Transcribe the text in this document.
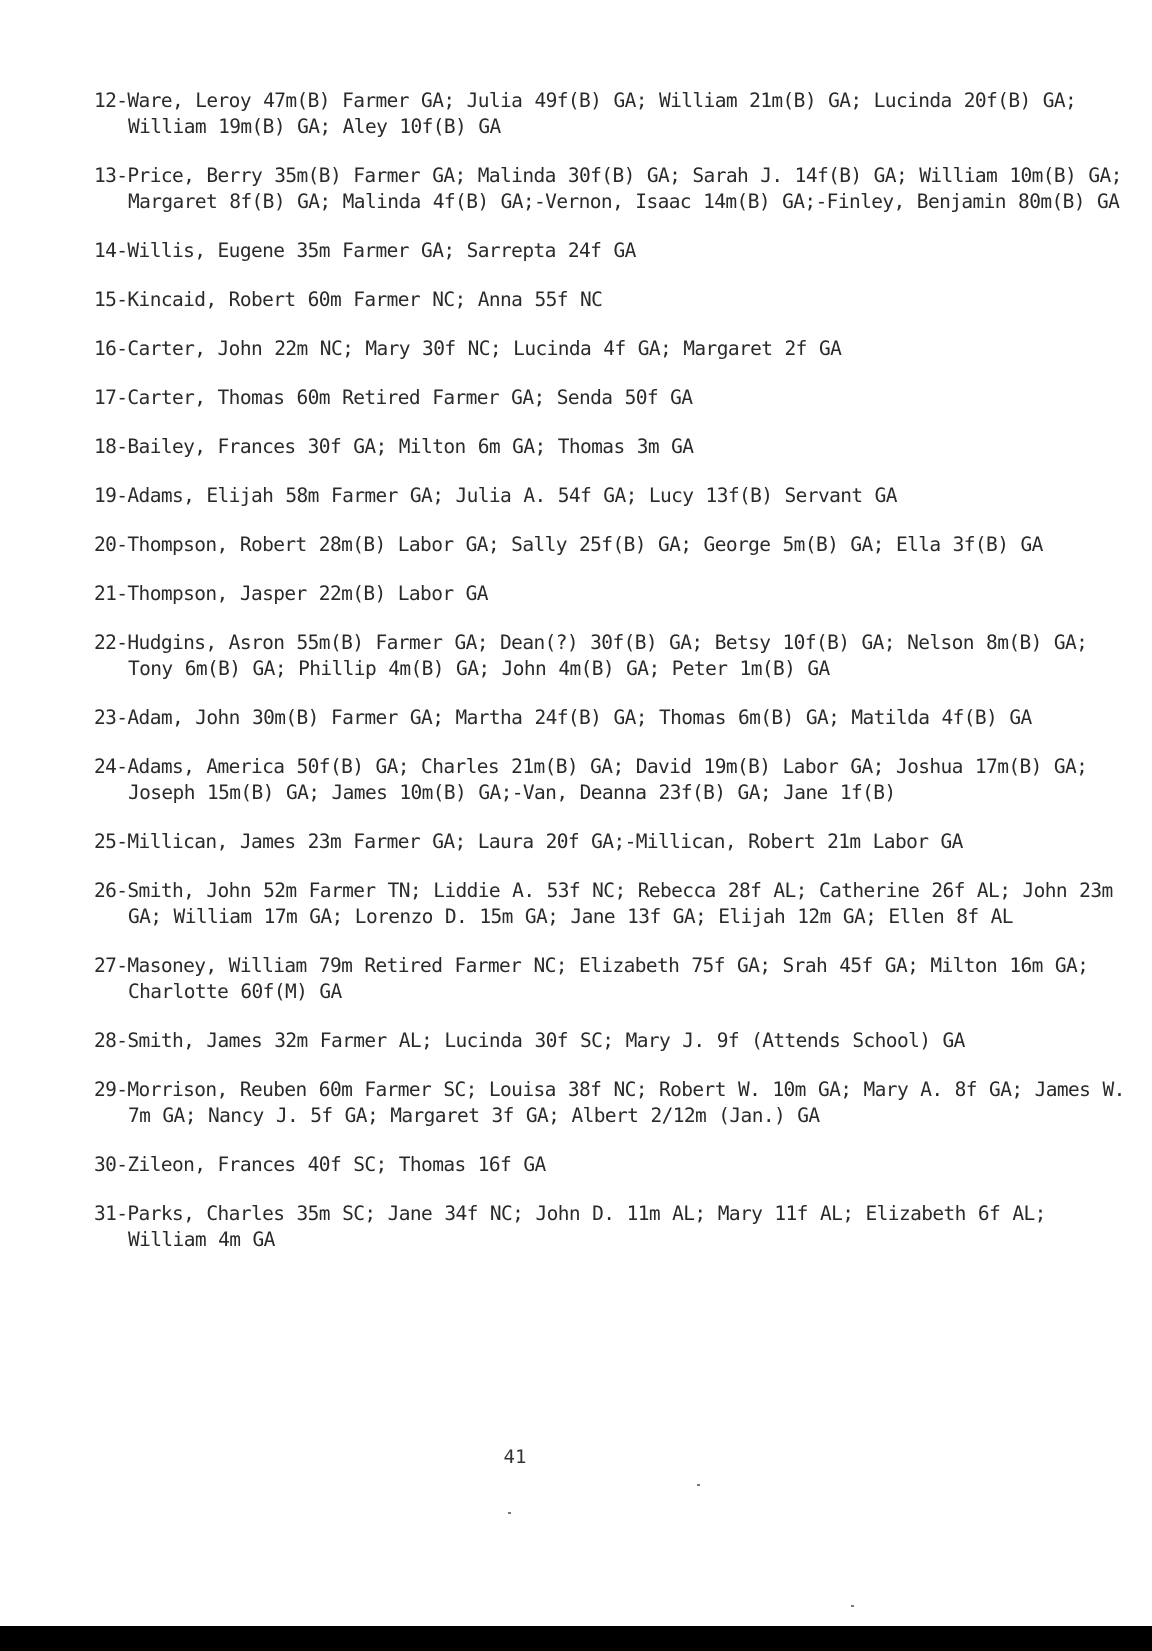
12-Ware, Leroy 47m(B) Farmer GA; Julia 49f(B) GA; William 21m(B) GA; Lucinda 20f(B) GA; William 19m(B) GA; Aley 10f(B) GA
13-Price, Berry 35m(B) Farmer GA; Malinda 30f(B) GA; Sarah J. 14f(B) GA; William 10m(B) GA; Margaret 8f(B) GA; Malinda 4f(B) GA;-Vernon, Isaac 14m(B) GA;-Finley, Benjamin 80m(B) GA
14-Willis, Eugene 35m Farmer GA; Sarrepta 24f GA
15-Kincaid, Robert 60m Farmer NC; Anna 55f NC
16-Carter, John 22m NC; Mary 30f NC; Lucinda 4f GA; Margaret 2f GA
17-Carter, Thomas 60m Retired Farmer GA; Senda 50f GA
18-Bailey, Frances 30f GA; Milton 6m GA; Thomas 3m GA
19-Adams, Elijah 58m Farmer GA; Julia A. 54f GA; Lucy 13f(B) Servant GA
20-Thompson, Robert 28m(B) Labor GA; Sally 25f(B) GA; George 5m(B) GA; Ella 3f(B) GA
21-Thompson, Jasper 22m(B) Labor GA
22-Hudgins, Asron 55m(B) Farmer GA; Dean(?) 30f(B) GA; Betsy 10f(B) GA; Nelson 8m(B) GA; Tony 6m(B) GA; Phillip 4m(B) GA; John 4m(B) GA; Peter 1m(B) GA
23-Adam, John 30m(B) Farmer GA; Martha 24f(B) GA; Thomas 6m(B) GA; Matilda 4f(B) GA
24-Adams, America 50f(B) GA; Charles 21m(B) GA; David 19m(B) Labor GA; Joshua 17m(B) GA; Joseph 15m(B) GA; James 10m(B) GA;-Van, Deanna 23f(B) GA; Jane 1f(B)
25-Millican, James 23m Farmer GA; Laura 20f GA;-Millican, Robert 21m Labor GA
26-Smith, John 52m Farmer TN; Liddie A. 53f NC; Rebecca 28f AL; Catherine 26f AL; John 23m GA; William 17m GA; Lorenzo D. 15m GA; Jane 13f GA; Elijah 12m GA; Ellen 8f AL
27-Masoney, William 79m Retired Farmer NC; Elizabeth 75f GA; Srah 45f GA; Milton 16m GA; Charlotte 60f(M) GA
28-Smith, James 32m Farmer AL; Lucinda 30f SC; Mary J. 9f (Attends School) GA
29-Morrison, Reuben 60m Farmer SC; Louisa 38f NC; Robert W. 10m GA; Mary A. 8f GA; James W. 7m GA; Nancy J. 5f GA; Margaret 3f GA; Albert 2/12m (Jan.) GA
30-Zileon, Frances 40f SC; Thomas 16f GA
31-Parks, Charles 35m SC; Jane 34f NC; John D. 11m AL; Mary 11f AL; Elizabeth 6f AL; William 4m GA
41
